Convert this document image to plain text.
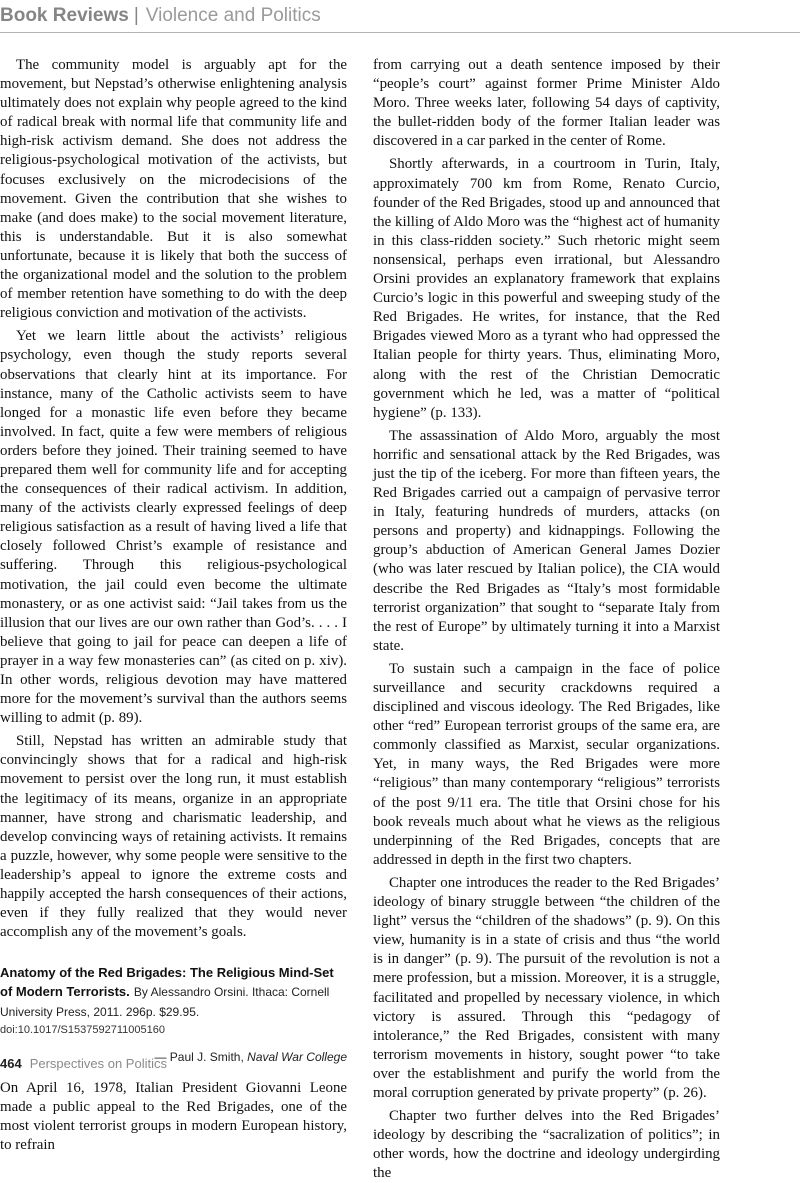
Book Reviews | Violence and Politics

The community model is arguably apt for the movement, but Nepstad’s otherwise enlightening analysis ultimately does not explain why people agreed to the kind of radical break with normal life that community life and high-risk activism demand. She does not address the religious-psychological motivation of the activists, but focuses exclusively on the microdecisions of the movement. Given the contribution that she wishes to make (and does make) to the social movement literature, this is understandable. But it is also somewhat unfortunate, because it is likely that both the success of the organizational model and the solution to the problem of member retention have something to do with the deep religious conviction and motivation of the activists.

Yet we learn little about the activists’ religious psychology, even though the study reports several observations that clearly hint at its importance. For instance, many of the Catholic activists seem to have longed for a monastic life even before they became involved. In fact, quite a few were members of religious orders before they joined. Their training seemed to have prepared them well for community life and for accepting the consequences of their radical activism. In addition, many of the activists clearly expressed feelings of deep religious satisfaction as a result of having lived a life that closely followed Christ’s example of resistance and suffering. Through this religious-psychological motivation, the jail could even become the ultimate monastery, or as one activist said: “Jail takes from us the illusion that our lives are our own rather than God’s. . . . I believe that going to jail for peace can deepen a life of prayer in a way few monasteries can” (as cited on p. xiv). In other words, religious devotion may have mattered more for the movement’s survival than the authors seems willing to admit (p. 89).

Still, Nepstad has written an admirable study that convincingly shows that for a radical and high-risk movement to persist over the long run, it must establish the legitimacy of its means, organize in an appropriate manner, have strong and charismatic leadership, and develop convincing ways of retaining activists. It remains a puzzle, however, why some people were sensitive to the leadership’s appeal to ignore the extreme costs and happily accepted the harsh consequences of their actions, even if they fully realized that they would never accomplish any of the movement’s goals.

Anatomy of the Red Brigades: The Religious Mind-Set of Modern Terrorists. By Alessandro Orsini. Ithaca: Cornell University Press, 2011. 296p. $29.95.
doi:10.1017/S1537592711005160
— Paul J. Smith, Naval War College

On April 16, 1978, Italian President Giovanni Leone made a public appeal to the Red Brigades, one of the most violent terrorist groups in modern European history, to refrain

from carrying out a death sentence imposed by their “people’s court” against former Prime Minister Aldo Moro. Three weeks later, following 54 days of captivity, the bullet-ridden body of the former Italian leader was discovered in a car parked in the center of Rome.

Shortly afterwards, in a courtroom in Turin, Italy, approximately 700 km from Rome, Renato Curcio, founder of the Red Brigades, stood up and announced that the killing of Aldo Moro was the “highest act of humanity in this class-ridden society.” Such rhetoric might seem nonsensical, perhaps even irrational, but Alessandro Orsini provides an explanatory framework that explains Curcio’s logic in this powerful and sweeping study of the Red Brigades. He writes, for instance, that the Red Brigades viewed Moro as a tyrant who had oppressed the Italian people for thirty years. Thus, eliminating Moro, along with the rest of the Christian Democratic government which he led, was a matter of “political hygiene” (p. 133).

The assassination of Aldo Moro, arguably the most horrific and sensational attack by the Red Brigades, was just the tip of the iceberg. For more than fifteen years, the Red Brigades carried out a campaign of pervasive terror in Italy, featuring hundreds of murders, attacks (on persons and property) and kidnappings. Following the group’s abduction of American General James Dozier (who was later rescued by Italian police), the CIA would describe the Red Brigades as “Italy’s most formidable terrorist organization” that sought to “separate Italy from the rest of Europe” by ultimately turning it into a Marxist state.

To sustain such a campaign in the face of police surveillance and security crackdowns required a disciplined and viscous ideology. The Red Brigades, like other “red” European terrorist groups of the same era, are commonly classified as Marxist, secular organizations. Yet, in many ways, the Red Brigades were more “religious” than many contemporary “religious” terrorists of the post 9/11 era. The title that Orsini chose for his book reveals much about what he views as the religious underpinning of the Red Brigades, concepts that are addressed in depth in the first two chapters.

Chapter one introduces the reader to the Red Brigades’ ideology of binary struggle between “the children of the light” versus the “children of the shadows” (p. 9). On this view, humanity is in a state of crisis and thus “the world is in danger” (p. 9). The pursuit of the revolution is not a mere profession, but a mission. Moreover, it is a struggle, facilitated and propelled by necessary violence, in which victory is assured. Through this “pedagogy of intolerance,” the Red Brigades, consistent with many terrorism movements in history, sought power “to take over the establishment and purify the world from the moral corruption generated by private property” (p. 26).

Chapter two further delves into the Red Brigades’ ideology by describing the “sacralization of politics”; in other words, how the doctrine and ideology undergirding the

464 Perspectives on Politics
